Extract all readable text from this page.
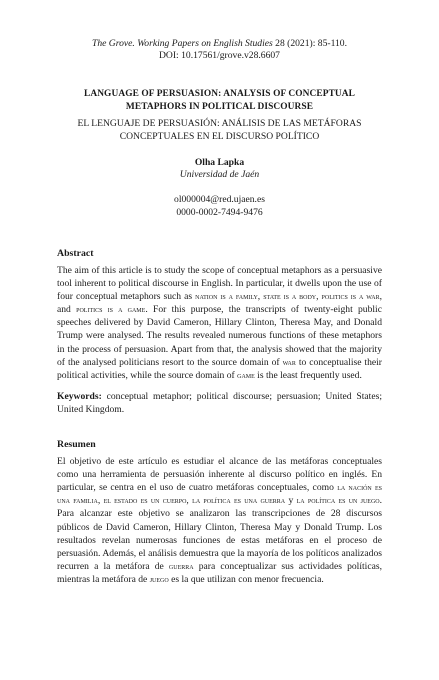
The Grove. Working Papers on English Studies 28 (2021): 85-110.
DOI: 10.17561/grove.v28.6607
LANGUAGE OF PERSUASION: ANALYSIS OF CONCEPTUAL METAPHORS IN POLITICAL DISCOURSE
EL LENGUAJE DE PERSUASIÓN: ANÁLISIS DE LAS METÁFORAS CONCEPTUALES EN EL DISCURSO POLÍTICO
Olha Lapka
Universidad de Jaén
ol000004@red.ujaen.es
0000-0002-7494-9476
Abstract

The aim of this article is to study the scope of conceptual metaphors as a persuasive tool inherent to political discourse in English. In particular, it dwells upon the use of four conceptual metaphors such as nation is a family, state is a body, politics is a war, and politics is a game. For this purpose, the transcripts of twenty-eight public speeches delivered by David Cameron, Hillary Clinton, Theresa May, and Donald Trump were analysed. The results revealed numerous functions of these metaphors in the process of persuasion. Apart from that, the analysis showed that the majority of the analysed politicians resort to the source domain of war to conceptualise their political activities, while the source domain of game is the least frequently used.

Keywords: conceptual metaphor; political discourse; persuasion; United States; United Kingdom.
Resumen

El objetivo de este artículo es estudiar el alcance de las metáforas conceptuales como una herramienta de persuasión inherente al discurso político en inglés. En particular, se centra en el uso de cuatro metáforas conceptuales, como la nación es una familia, el estado es un cuerpo, la política es una guerra y la política es un juego. Para alcanzar este objetivo se analizaron las transcripciones de 28 discursos públicos de David Cameron, Hillary Clinton, Theresa May y Donald Trump. Los resultados revelan numerosas funciones de estas metáforas en el proceso de persuasión. Además, el análisis demuestra que la mayoría de los políticos analizados recurren a la metáfora de guerra para conceptualizar sus actividades políticas, mientras la metáfora de juego es la que utilizan con menor frecuencia.
